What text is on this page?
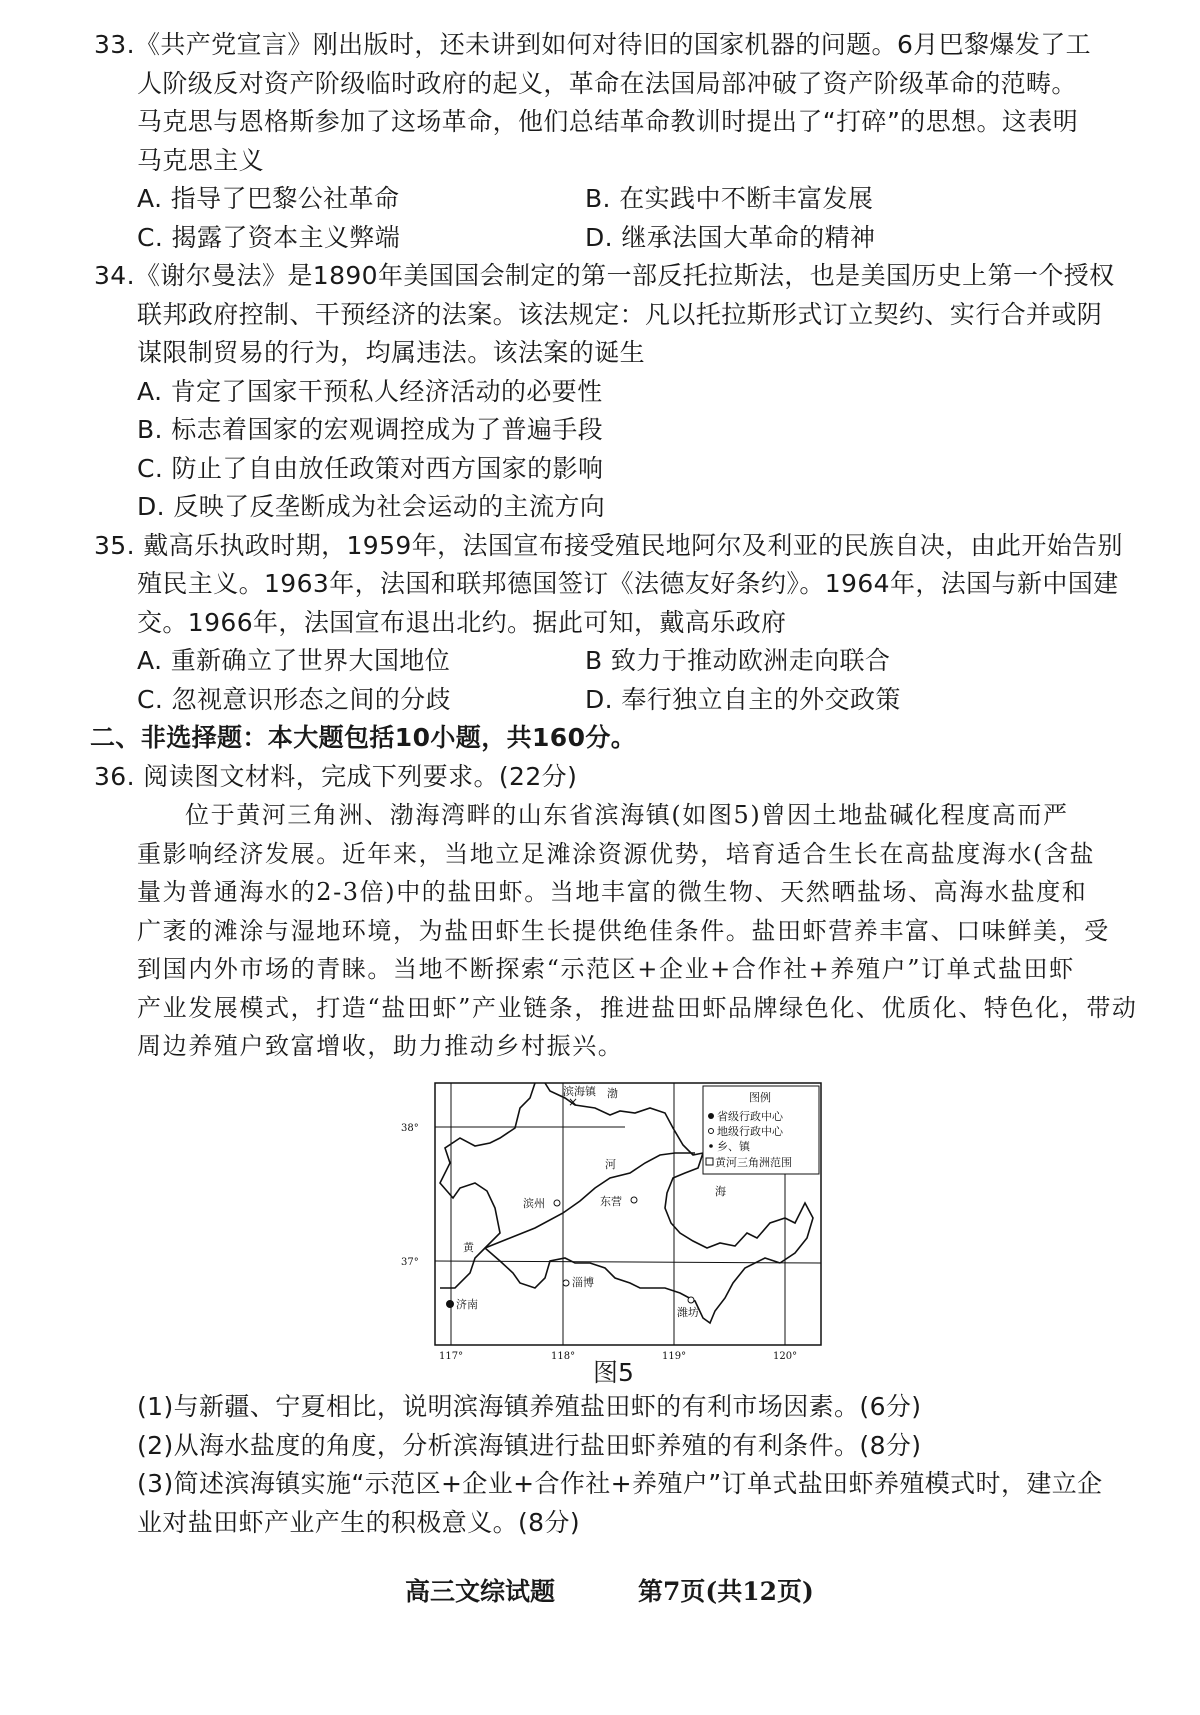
33.《共产党宣言》刚出版时，还未讲到如何对待旧的国家机器的问题。6月巴黎爆发了工
人阶级反对资产阶级临时政府的起义，革命在法国局部冲破了资产阶级革命的范畴。
马克思与恩格斯参加了这场革命，他们总结革命教训时提出了“打碎”的思想。这表明
马克思主义
A. 指导了巴黎公社革命	B. 在实践中不断丰富发展
C. 揭露了资本主义弊端	D. 继承法国大革命的精神
34.《谢尔曼法》是1890年美国国会制定的第一部反托拉斯法，也是美国历史上第一个授权
联邦政府控制、干预经济的法案。该法规定：凡以托拉斯形式订立契约、实行合并或阴
谋限制贸易的行为，均属违法。该法案的诞生
A. 肯定了国家干预私人经济活动的必要性
B. 标志着国家的宏观调控成为了普遍手段
C. 防止了自由放任政策对西方国家的影响
D. 反映了反垄断成为社会运动的主流方向
35. 戴高乐执政时期，1959年，法国宣布接受殖民地阿尔及利亚的民族自决，由此开始告别
殖民主义。1963年，法国和联邦德国签订《法德友好条约》。1964年，法国与新中国建
交。1966年，法国宣布退出北约。据此可知，戴高乐政府
A. 重新确立了世界大国地位	B 致力于推动欧洲走向联合
C. 忽视意识形态之间的分歧	D. 奉行独立自主的外交政策
二、非选择题：本大题包括10小题，共160分。
36. 阅读图文材料，完成下列要求。(22分)
位于黄河三角洲、渤海湾畔的山东省滨海镇(如图5)曾因土地盐碱化程度高而严
重影响经济发展。近年来，当地立足滩涂资源优势，培育适合生长在高盐度海水(含盐
量为普通海水的2-3倍)中的盐田虾。当地丰富的微生物、天然晒盐场、高海水盐度和
广袤的滩涂与湿地环境，为盐田虾生长提供绝佳条件。盐田虾营养丰富、口味鲜美，受
到国内外市场的青睐。当地不断探索“示范区+企业+合作社+养殖户”订单式盐田虾
产业发展模式，打造“盐田虾”产业链条，推进盐田虾品牌绿色化、优质化、特色化，带动
周边养殖户致富增收，助力推动乡村振兴。
38°
37°
117°	118°	119°	120°
×
滨海镇 渤
滨州	东营
河
海
黄
淄博
济南
潍坊
图例
省级行政中心
地级行政中心
乡、镇
黄河三角洲范围
图5
(1)与新疆、宁夏相比，说明滨海镇养殖盐田虾的有利市场因素。(6分)
(2)从海水盐度的角度，分析滨海镇进行盐田虾养殖的有利条件。(8分)
(3)简述滨海镇实施“示范区+企业+合作社+养殖户”订单式盐田虾养殖模式时，建立企
业对盐田虾产业产生的积极意义。(8分)
高三文综试题	第7页(共12页)
